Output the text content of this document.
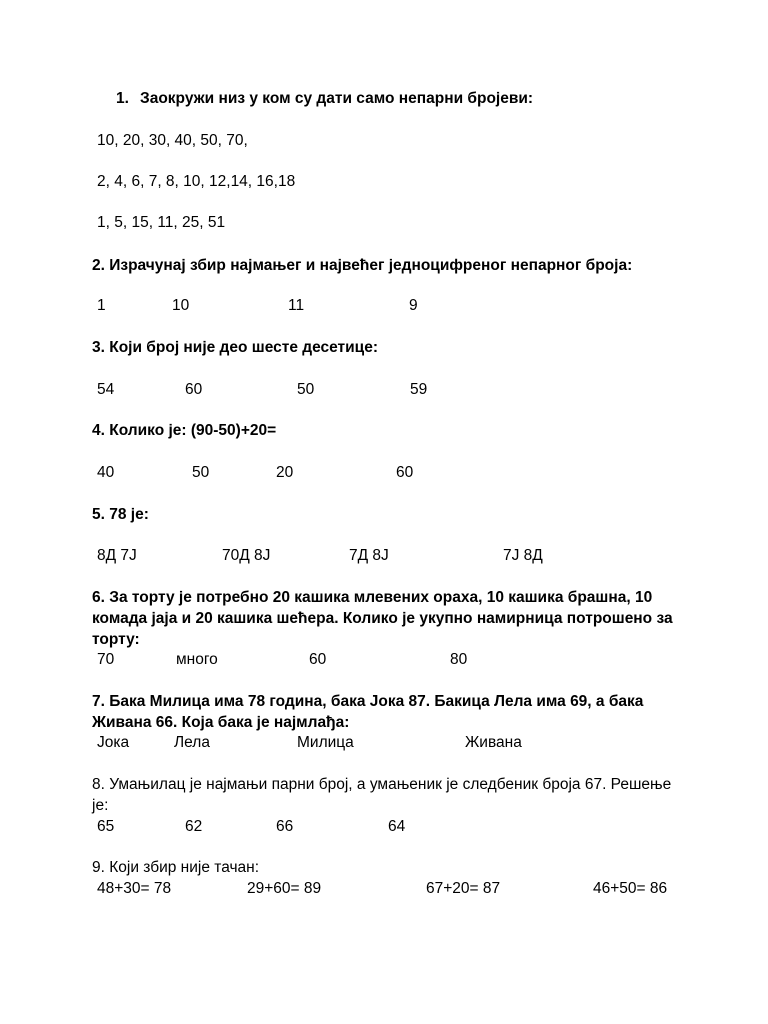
1. Заокружи низ у ком су дати само непарни бројеви:
10, 20, 30, 40, 50, 70,
2, 4, 6, 7, 8, 10, 12,14, 16,18
1, 5, 15, 11, 25, 51
2. Израчунај збир најмањег и највећег једноцифреног непарног броја:
1	10	11	9
3. Који број није део шесте десетице:
54	60	50	59
4. Колико је: (90-50)+20=
40	50	20	60
5. 78 је:
8Д 7Ј	70Д 8Ј	7Д 8Ј	7Ј 8Д
6. За торту је потребно 20 кашика млевених ораха, 10 кашика брашна, 10 комада јаја и 20 кашика шећера. Колико је укупно намирница потрошено за торту:
70	много	60	80
7. Бака Милица има 78 година, бака Јока 87. Бакица Лела има 69, а бака Живана 66. Која бака је најмлађа:
Јока	Лела	Милица	Живана
8. Умањилац је најмањи парни број, а умањеник је следбеник броја 67. Решење је:
65	62	66	64
9. Који збир није тачан:
48+30= 78	29+60= 89	67+20= 87	46+50= 86
